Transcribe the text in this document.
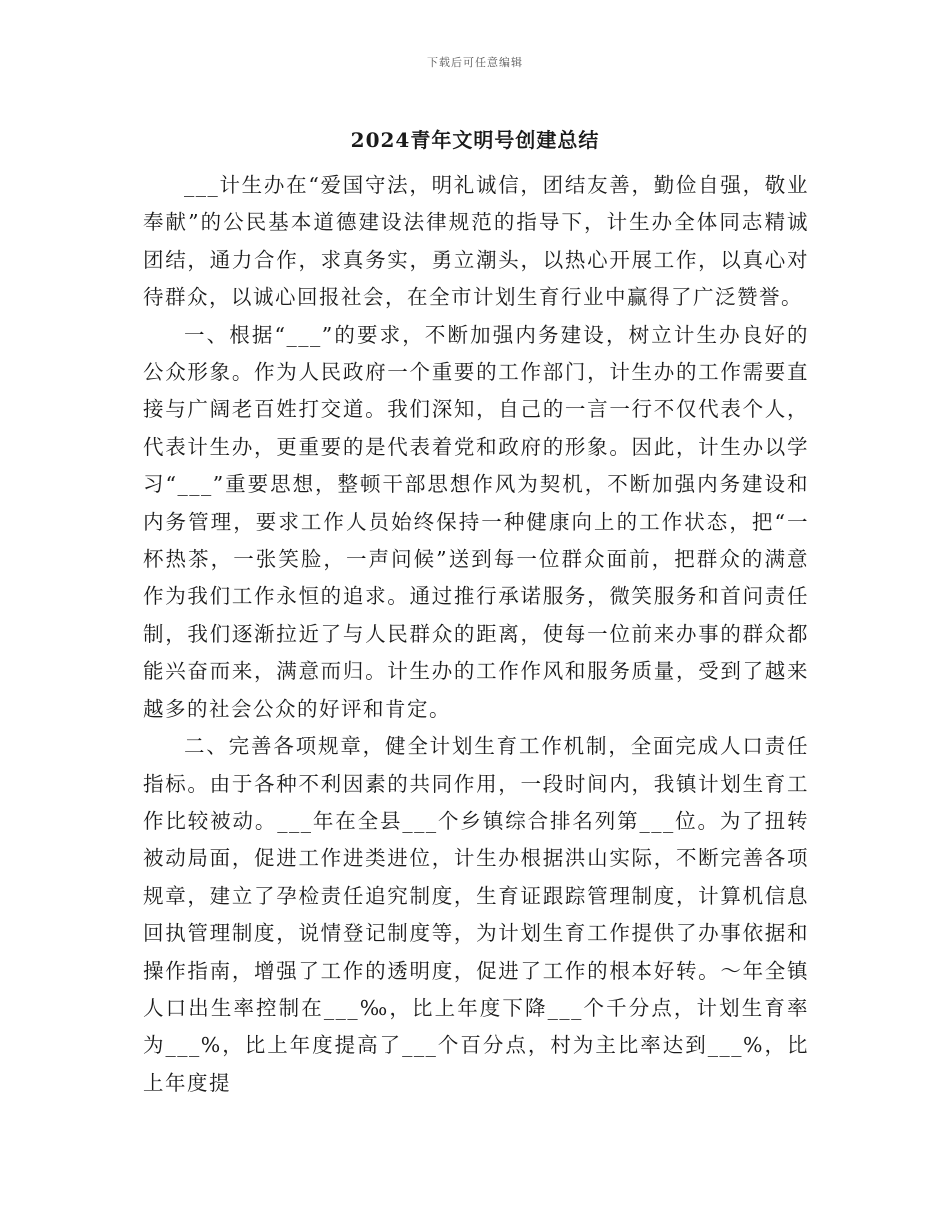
下载后可任意编辑
2024青年文明号创建总结

___计生办在“爱国守法，明礼诚信，团结友善，勤俭自强，敬业奉献”的公民基本道德建设法律规范的指导下，计生办全体同志精诚团结，通力合作，求真务实，勇立潮头，以热心开展工作，以真心对待群众，以诚心回报社会，在全市计划生育行业中赢得了广泛赞誉。

一、根据“___”的要求，不断加强内务建设，树立计生办良好的公众形象。作为人民政府一个重要的工作部门，计生办的工作需要直接与广阔老百姓打交道。我们深知，自己的一言一行不仅代表个人，代表计生办，更重要的是代表着党和政府的形象。因此，计生办以学习“___”重要思想，整顿干部思想作风为契机，不断加强内务建设和内务管理，要求工作人员始终保持一种健康向上的工作状态，把“一杯热茶，一张笑脸，一声问候”送到每一位群众面前，把群众的满意作为我们工作永恒的追求。通过推行承诺服务，微笑服务和首问责任制，我们逐渐拉近了与人民群众的距离，使每一位前来办事的群众都能兴奋而来，满意而归。计生办的工作作风和服务质量，受到了越来越多的社会公众的好评和肯定。

二、完善各项规章，健全计划生育工作机制，全面完成人口责任指标。由于各种不利因素的共同作用，一段时间内，我镇计划生育工作比较被动。___年在全县___个乡镇综合排名列第___位。为了扭转被动局面，促进工作进类进位，计生办根据洪山实际，不断完善各项规章，建立了孕检责任追究制度，生育证跟踪管理制度，计算机信息回执管理制度，说情登记制度等，为计划生育工作提供了办事依据和操作指南，增强了工作的透明度，促进了工作的根本好转。～年全镇人口出生率控制在___‰，比上年度下降___个千分点，计划生育率为___%，比上年度提高了___个百分点，村为主比率达到___%，比上年度提
